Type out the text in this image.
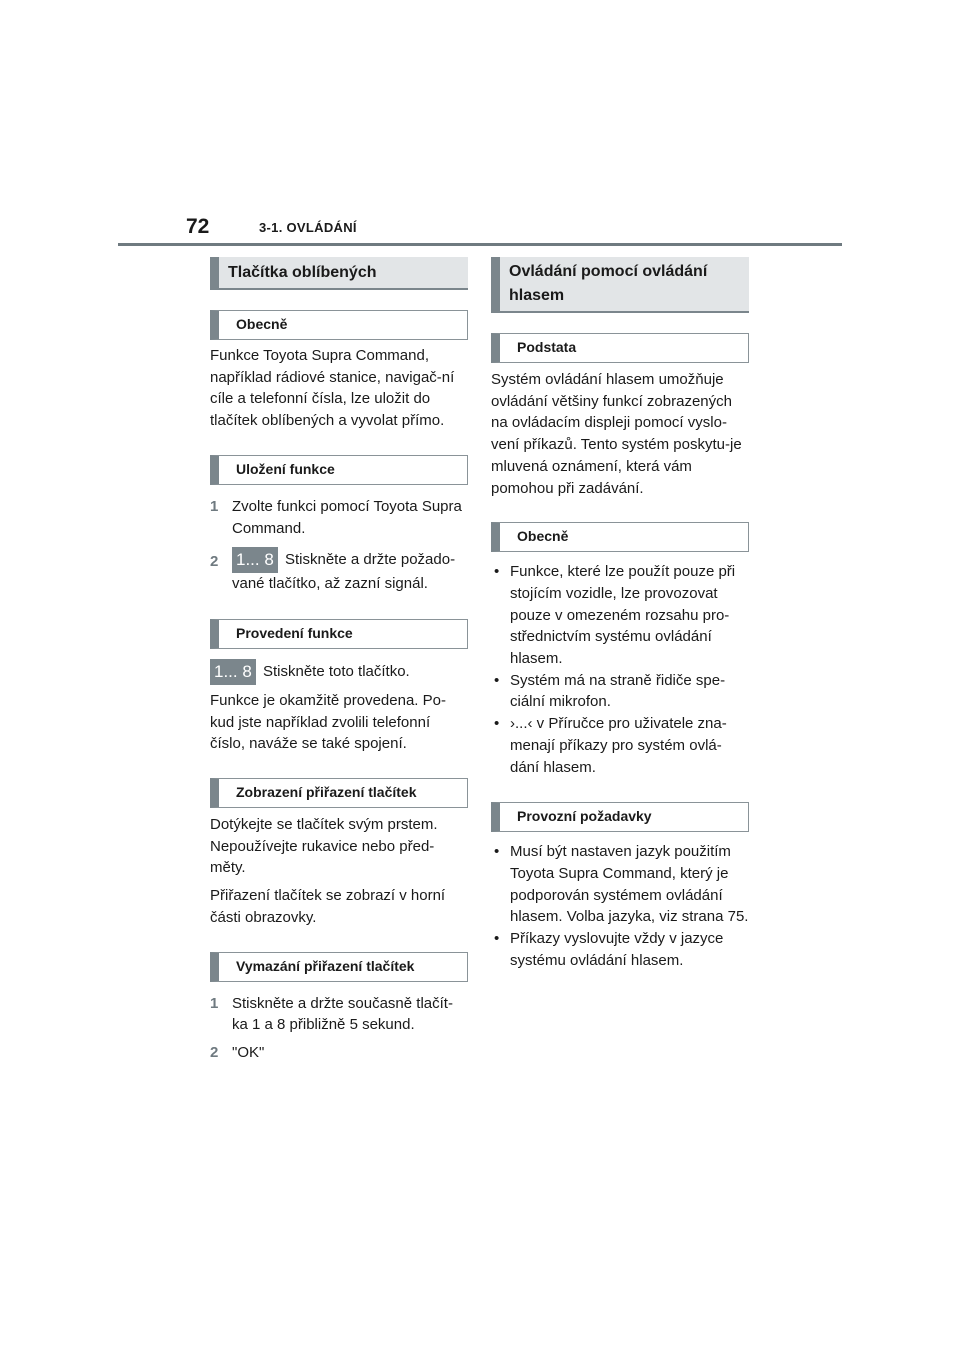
72	3-1. OVLÁDÁNÍ
Tlačítka oblíbených
Obecně

Funkce Toyota Supra Command, například rádiové stanice, navigač-ní cíle a telefonní čísla, lze uložit do tlačítek oblíbených a vyvolat přímo.

Uložení funkce
1 Zvolte funkci pomocí Toyota Supra Command.
2	1... 8 Stiskněte a držte požado-vané tlačítko, až zazní signál.
Provedení funkce

1... 8 Stiskněte toto tlačítko.

Funkce je okamžitě provedena. Po-kud jste například zvolili telefonní číslo, naváže se také spojení.

Zobrazení přiřazení tlačítek

Dotýkejte se tlačítek svým prstem. Nepoužívejte rukavice nebo před-měty.

Přiřazení tlačítek se zobrazí v horní části obrazovky.

Vymazání přiřazení tlačítek
1 Stiskněte a držte současně tlačít-ka 1 a 8 přibližně 5 sekund.
2 "OK"
Ovládání pomocí ovládání hlasem
Podstata

Systém ovládání hlasem umožňuje ovládání většiny funkcí zobrazených na ovládacím displeji pomocí vyslo-vení příkazů. Tento systém poskytu-je mluvená oznámení, která vám pomohou při zadávání.

Obecně
• Funkce, které lze použít pouze při stojícím vozidle, lze provozovat pouze v omezeném rozsahu pro-střednictvím systému ovládání hlasem.
• Systém má na straně řidiče spe-ciální mikrofon.
• ›...‹ v Příručce pro uživatele zna-menají příkazy pro systém ovlá-dání hlasem.
Provozní požadavky
• Musí být nastaven jazyk použitím Toyota Supra Command, který je podporován systémem ovládání hlasem. Volba jazyka, viz strana 75.
• Příkazy vyslovujte vždy v jazyce systému ovládání hlasem.
